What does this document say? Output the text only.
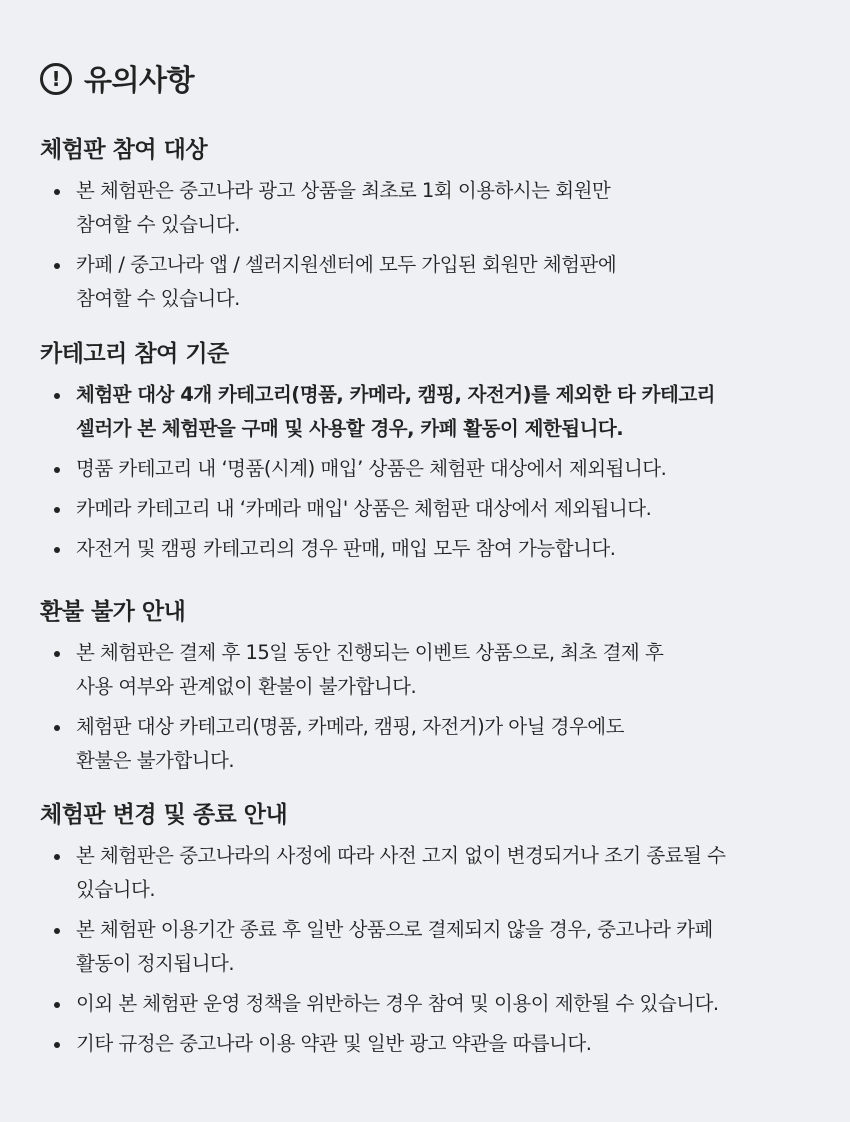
! 유의사항
체험판 참여 대상
본 체험판은 중고나라 광고 상품을 최초로 1회 이용하시는 회원만
참여할 수 있습니다.
카페 / 중고나라 앱 / 셀러지원센터에 모두 가입된 회원만 체험판에
참여할 수 있습니다.
카테고리 참여 기준
체험판 대상 4개 카테고리(명품, 카메라, 캠핑, 자전거)를 제외한 타 카테고리
셀러가 본 체험판을 구매 및 사용할 경우, 카페 활동이 제한됩니다.
명품 카테고리 내 ‘명품(시계) 매입’ 상품은 체험판 대상에서 제외됩니다.
카메라 카테고리 내 ‘카메라 매입' 상품은 체험판 대상에서 제외됩니다.
자전거 및 캠핑 카테고리의 경우 판매, 매입 모두 참여 가능합니다.
환불 불가 안내
본 체험판은 결제 후 15일 동안 진행되는 이벤트 상품으로, 최초 결제 후
사용 여부와 관계없이 환불이 불가합니다.
체험판 대상 카테고리(명품, 카메라, 캠핑, 자전거)가 아닐 경우에도
환불은 불가합니다.
체험판 변경 및 종료 안내
본 체험판은 중고나라의 사정에 따라 사전 고지 없이 변경되거나 조기 종료될 수
있습니다.
본 체험판 이용기간 종료 후 일반 상품으로 결제되지 않을 경우, 중고나라 카페
활동이 정지됩니다.
이외 본 체험판 운영 정책을 위반하는 경우 참여 및 이용이 제한될 수 있습니다.
기타 규정은 중고나라 이용 약관 및 일반 광고 약관을 따릅니다.
